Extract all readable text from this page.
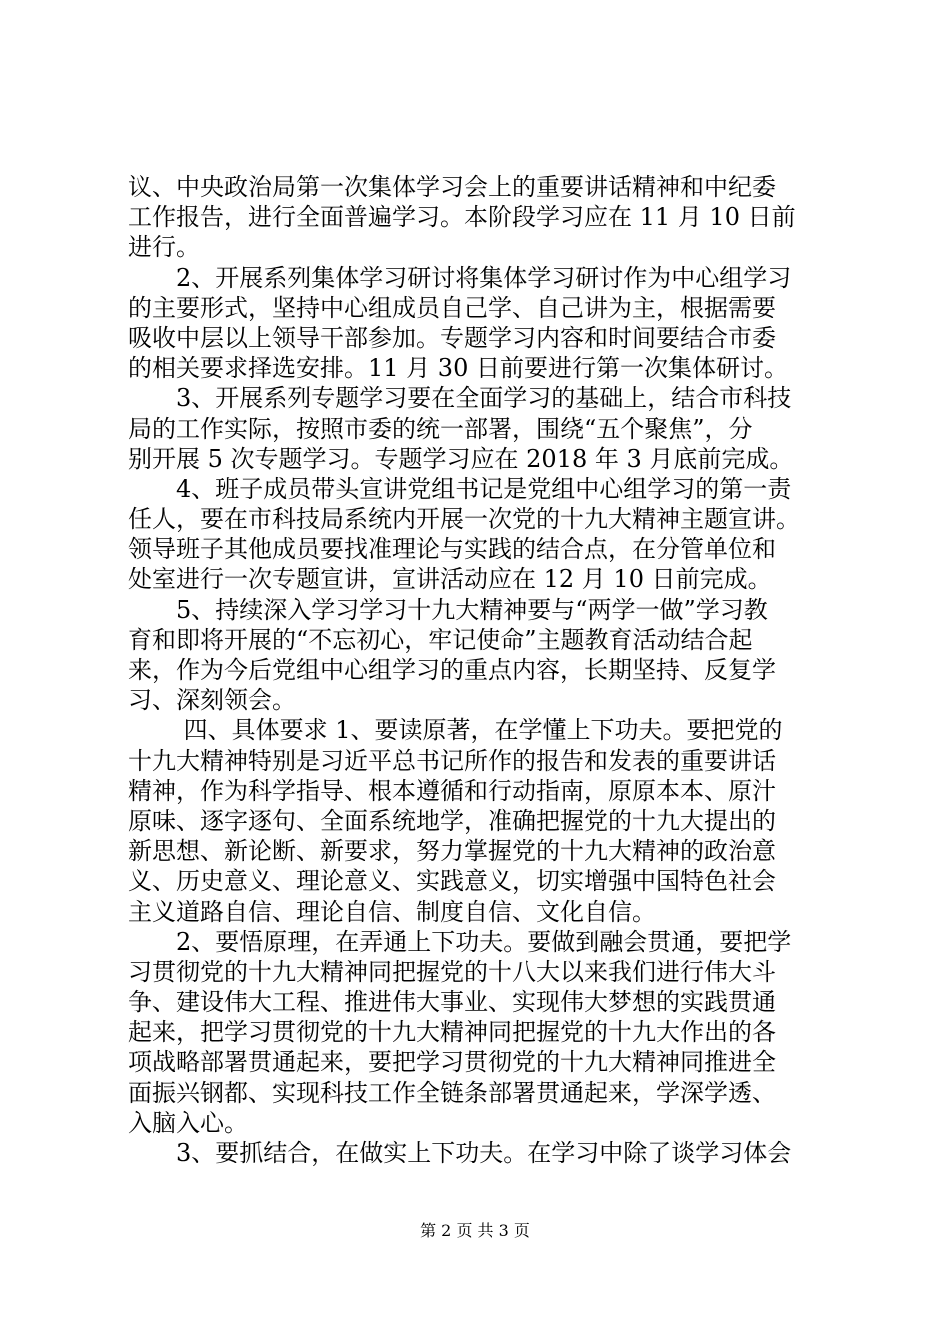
议、中央政治局第一次集体学习会上的重要讲话精神和中纪委
工作报告，进行全面普遍学习。本阶段学习应在 11 月 10 日前
进行。
　　2、开展系列集体学习研讨将集体学习研讨作为中心组学习
的主要形式，坚持中心组成员自己学、自己讲为主，根据需要
吸收中层以上领导干部参加。专题学习内容和时间要结合市委
的相关要求择选安排。11 月 30 日前要进行第一次集体研讨。
　　3、开展系列专题学习要在全面学习的基础上，结合市科技
局的工作实际，按照市委的统一部署，围绕“五个聚焦”，分
别开展 5 次专题学习。专题学习应在 2018 年 3 月底前完成。
　　4、班子成员带头宣讲党组书记是党组中心组学习的第一责
任人，要在市科技局系统内开展一次党的十九大精神主题宣讲。
领导班子其他成员要找准理论与实践的结合点，在分管单位和
处室进行一次专题宣讲，宣讲活动应在 12 月 10 日前完成。
　　5、持续深入学习学习十九大精神要与“两学一做”学习教
育和即将开展的“不忘初心，牢记使命”主题教育活动结合起
来，作为今后党组中心组学习的重点内容，长期坚持、反复学
习、深刻领会。
　　 四、具体要求 1、要读原著，在学懂上下功夫。要把党的
十九大精神特别是习近平总书记所作的报告和发表的重要讲话
精神，作为科学指导、根本遵循和行动指南，原原本本、原汁
原味、逐字逐句、全面系统地学，准确把握党的十九大提出的
新思想、新论断、新要求，努力掌握党的十九大精神的政治意
义、历史意义、理论意义、实践意义，切实增强中国特色社会
主义道路自信、理论自信、制度自信、文化自信。
　　2、要悟原理，在弄通上下功夫。要做到融会贯通，要把学
习贯彻党的十九大精神同把握党的十八大以来我们进行伟大斗
争、建设伟大工程、推进伟大事业、实现伟大梦想的实践贯通
起来，把学习贯彻党的十九大精神同把握党的十九大作出的各
项战略部署贯通起来，要把学习贯彻党的十九大精神同推进全
面振兴钢都、实现科技工作全链条部署贯通起来，学深学透、
入脑入心。
　　3、要抓结合，在做实上下功夫。在学习中除了谈学习体会
第 2 页 共 3 页
